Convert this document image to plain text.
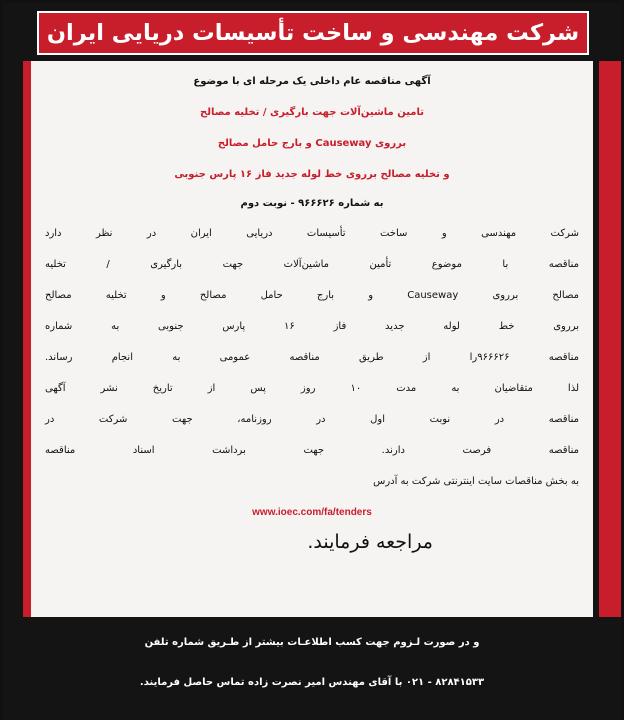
شرکت مهندسی و ساخت تأسیسات دریایی ایران
آگهی مناقصه عام داخلی یک مرحله ای با موضوع
تامین ماشین‌آلات جهت بارگیری / تخلیه مصالح
برروی Causeway و بارج حامل مصالح
و تخلیه مصالح برروی خط لوله جدید فاز ۱۶ پارس جنوبی
به شماره ۹۶۶۶۲۶ - نوبت دوم
شرکت مهندسی و ساخت تأسیسات دریایی ایران در نظر دارد
مناقصه با موضوع تأمین ماشین‌آلات جهت بارگیری / تخلیه
مصالح برروی Causeway و بارج حامل مصالح و تخلیه مصالح
برروی خط لوله جدید فاز ۱۶ پارس جنوبی به شماره
مناقصه ۹۶۶۶۲۶را از طریق مناقصه عمومی به انجام رساند.
لذا متقاضیان به مدت ۱۰ روز پس از تاریخ نشر آگهی
مناقصه در نوبت اول در روزنامه، جهت شرکت در
مناقصه فرصت دارند. جهت برداشت اسناد مناقصه
به بخش مناقصات سایت اینترنتی شرکت به آدرس
www.ioec.com/fa/tenders
مراجعه فرمایند.
و در صورت لـزوم جهت کسب اطلاعـات بیشتر از طـریق شماره تلفن
۸۲۸۴۱۵۳۳ - ۰۲۱ با آقای مهندس امیر نصرت زاده تماس حاصل فرمایند.
